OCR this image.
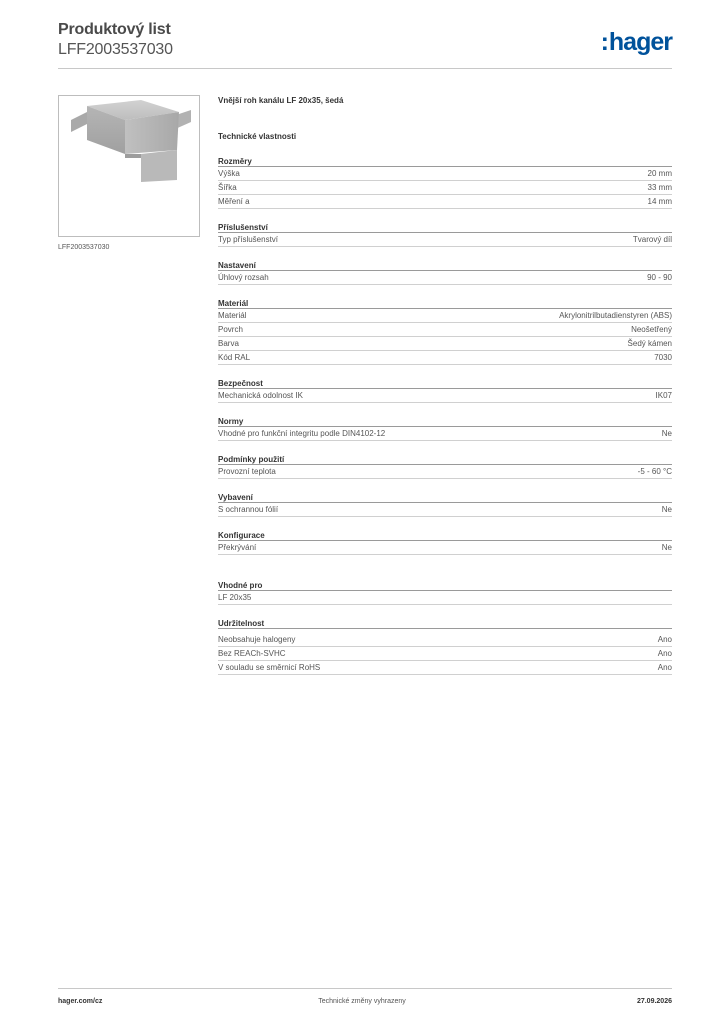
Produktový list
LFF2003537030	:hager
LFF2003537030
Vnější roh kanálu LF 20x35, šedá
Technické vlastnosti
Rozměry
Výška	20 mm
Šířka	33 mm
Měření a	14 mm
Příslušenství
Typ příslušenství	Tvarový díl
Nastavení
Úhlový rozsah	90 - 90
Materiál
Materiál	Akrylonitrilbutadienstyren (ABS)
Povrch	Neošetřený
Barva	Šedý kámen
Kód RAL	7030
Bezpečnost
Mechanická odolnost IK	IK07
Normy
Vhodné pro funkční integritu podle DIN4102-12	Ne
Podmínky použití
Provozní teplota	-5 - 60 °C
Vybavení
S ochrannou fólií	Ne
Konfigurace
Překrývání	Ne
Vhodné pro
LF 20x35
Udržitelnost
Neobsahuje halogeny	Ano
Bez REACh-SVHC	Ano
V souladu se směrnicí RoHS	Ano
hager.com/cz	Technické změny vyhrazeny	27.09.2026
